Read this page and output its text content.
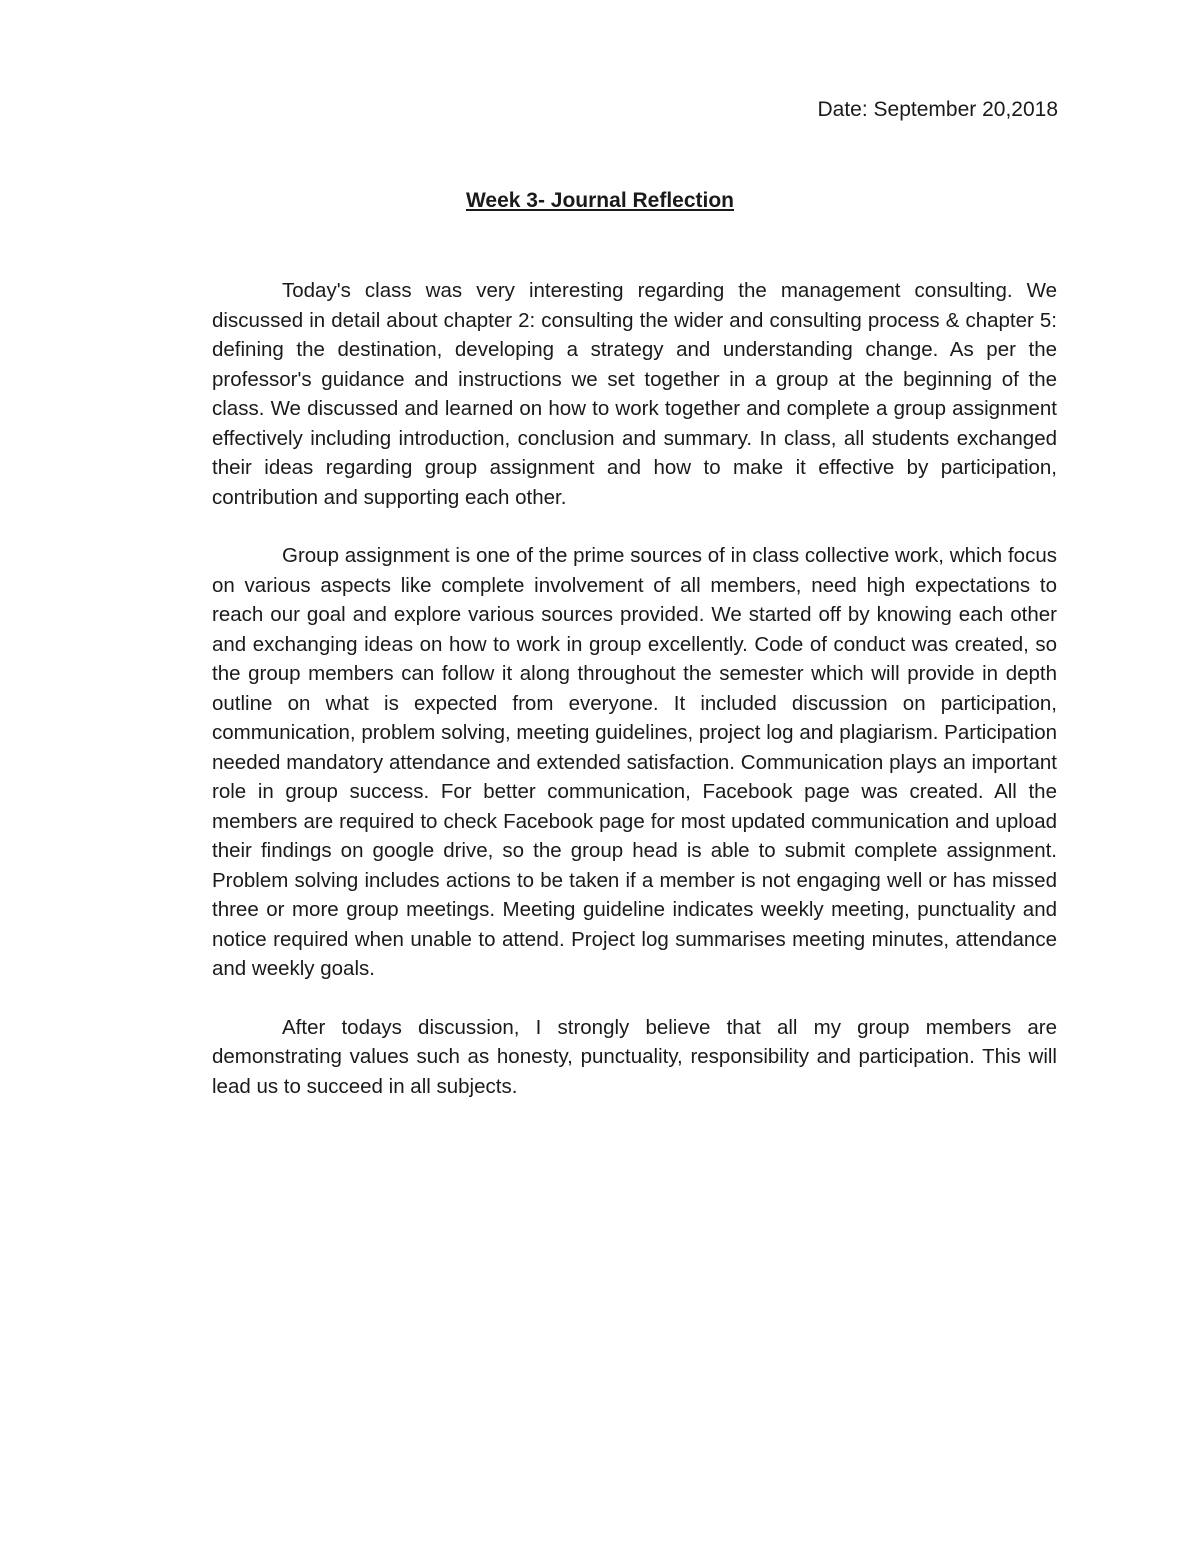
Date: September 20,2018
Week 3- Journal Reflection

Today's class was very interesting regarding the management consulting. We discussed in detail about chapter 2: consulting the wider and consulting process & chapter 5: defining the destination, developing a strategy and understanding change. As per the professor's guidance and instructions we set together in a group at the beginning of the class. We discussed and learned on how to work together and complete a group assignment effectively including introduction, conclusion and summary. In class, all students exchanged their ideas regarding group assignment and how to make it effective by participation, contribution and supporting each other.

Group assignment is one of the prime sources of in class collective work, which focus on various aspects like complete involvement of all members, need high expectations to reach our goal and explore various sources provided. We started off by knowing each other and exchanging ideas on how to work in group excellently. Code of conduct was created, so the group members can follow it along throughout the semester which will provide in depth outline on what is expected from everyone. It included discussion on participation, communication, problem solving, meeting guidelines, project log and plagiarism. Participation needed mandatory attendance and extended satisfaction. Communication plays an important role in group success. For better communication, Facebook page was created. All the members are required to check Facebook page for most updated communication and upload their findings on google drive, so the group head is able to submit complete assignment. Problem solving includes actions to be taken if a member is not engaging well or has missed three or more group meetings. Meeting guideline indicates weekly meeting, punctuality and notice required when unable to attend. Project log summarises meeting minutes, attendance and weekly goals.

After todays discussion, I strongly believe that all my group members are demonstrating values such as honesty, punctuality, responsibility and participation. This will lead us to succeed in all subjects.
